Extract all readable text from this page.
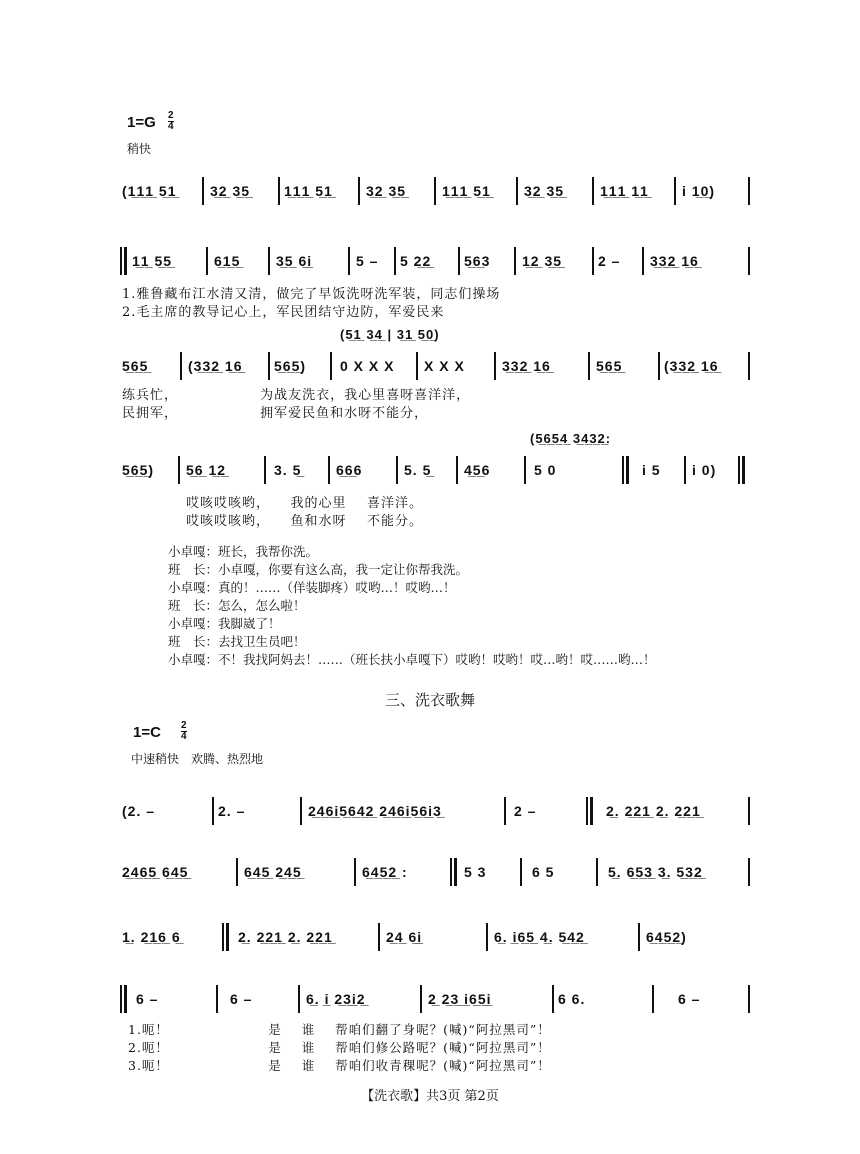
$1=G \frac{2}{4}$
稍快
(1̲1̲1̲ 5̲1̲ 3̲2̲ 3̲5̲ 1̲1̲1̲ 5̲1̲ 3̲2̲ 3̲5̲	1̲1̲1̲ 5̲1̲ 3̲2̲ 3̲5̲	1̲1̲1̲ 1̲1̲ i 1̲0̲)
1̲1̲ 5̲5̲	6̲1̲5̲	3̲5̲ 6̲i̲	5 – 5 2̲2̲ 5̲6̲3 1̲2̲ 3̲5̲	2 – 3̲3̲2̲ 1̲6̲
1.雅鲁藏布江水清又清，做完了早饭洗呀洗军装，同志们操场
2.毛主席的教导记心上，军民团结守边防，军爱民来
(5̲1̲ 3̲4̲ | 3̲1̲ 5̲0̲)
5̲6̲5̲	(3̲3̲2̲ 1̲6̲ 5̲6̲5̲) 0 X X X X X X	3̲3̲2̲ 1̲6̲	5̲6̲5̲	(3̲3̲2̲ 1̲6̲
练兵忙，                为战友洗衣，我心里喜呀喜洋洋，
民拥军，                拥军爱民鱼和水呀不能分，
(5̲6̲5̲4̲ 3̲4̲3̲2̲:
5̲6̲5̲) 5̲6̲ 1̲2̲	3. 5̲ 6̲6̲6	5. 5̲ 4̲5̲6	5 0	i 5 i 0)
哎咳哎咳哟，    我的心里    喜洋洋。
哎咳哎咳哟，    鱼和水呀    不能分。
小卓嘎：班长，我帮你洗。
班　长：小卓嘎，你要有这么高，我一定让你帮我洗。
小卓嘎：真的！……（佯装脚疼）哎哟…！哎哟…！
班　长：怎么，怎么啦！
小卓嘎：我脚崴了！
班　长：去找卫生员吧！
小卓嘎：不！我找阿妈去！……（班长扶小卓嘎下）哎哟！哎哟！哎…哟！哎……哟…！
三、洗衣歌舞
$1=C \frac{2}{4}$
中速稍快　欢腾、热烈地
(2. –	2. –	2̲4̲6̲i̲5̲6̲4̲2̲ 2̲4̲6̲i̲5̲6̲i̲3̲	2 –	2̲. 2̲2̲1̲ 2̲. 2̲2̲1̲
2̲4̲6̲5̲ 6̲4̲5̲	6̲4̲5̲ 2̲4̲5̲	6̲4̲5̲2̲ :	5 3	6 5	5̲. 6̲5̲3̲ 3̲. 5̲3̲2̲
1̲. 2̲1̲6̲ 6̲	2̲. 2̲2̲1̲ 2̲. 2̲2̲1̲	2̲4̲ 6̲i̲	6̲. i̲6̲5̲ 4̲. 5̲4̲2̲	6̲4̲5̲2̲)
6 –	6 –	6̲. i̲ 2̲3̲i̲2̲	2̲ 2̲3̲ i̲6̲5̲i̲	6 6.	6 –
1.呃！                    是    谁    帮咱们翻了身呢？(喊)“阿拉黑司”！
2.呃！                    是    谁    帮咱们修公路呢？(喊)“阿拉黑司”！
3.呃！                    是    谁    帮咱们收青稞呢？(喊)“阿拉黑司”！
【洗衣歌】共3页 第2页
